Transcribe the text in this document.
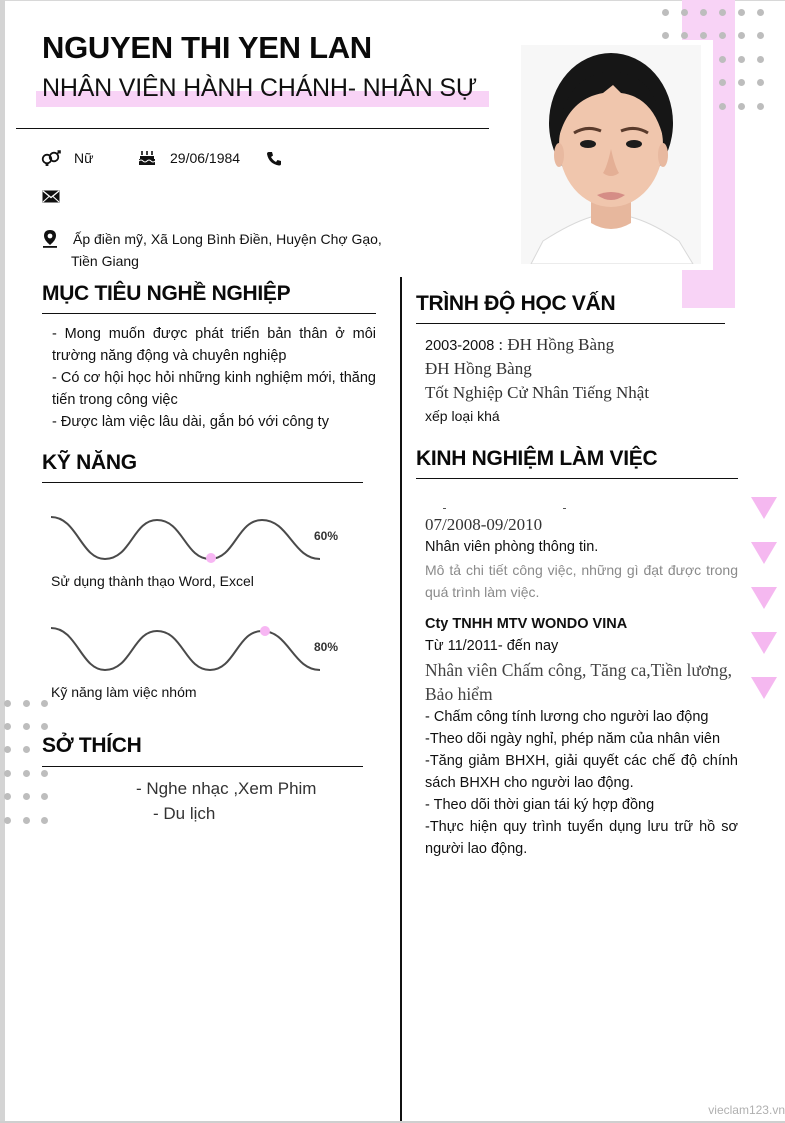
NGUYEN THI YEN LAN
NHÂN VIÊN HÀNH CHÁNH- NHÂN SỰ
Nữ	29/06/1984
Ấp điền mỹ, Xã Long Bình Điền, Huyện Chợ Gạo,
Tiền Giang
MỤC TIÊU NGHỀ NGHIỆP
- Mong muốn được phát triển bản thân ở môi trường năng động và chuyên nghiệp
- Có cơ hội học hỏi những kinh nghiệm mới, thăng tiến trong công việc
- Được làm việc lâu dài, gắn bó với công ty
KỸ NĂNG
60%
Sử dụng thành thạo Word, Excel
80%
Kỹ năng làm việc nhóm
SỞ THÍCH
- Nghe nhạc ,Xem Phim
- Du lịch
TRÌNH ĐỘ HỌC VẤN
2003-2008 : ĐH Hồng Bàng
ĐH Hồng Bàng
Tốt Nghiệp Cử Nhân Tiếng Nhật
xếp loại khá
KINH NGHIỆM LÀM VIỆC
07/2008-09/2010
Nhân viên phòng thông tin.
Mô tả chi tiết công việc, những gì đạt được trong quá trình làm việc.
Cty TNHH MTV WONDO VINA
Từ 11/2011- đến nay
Nhân viên Chấm công, Tăng ca,Tiền lương, Bảo hiểm
- Chấm công tính lương cho người lao động
-Theo dõi ngày nghỉ, phép năm của nhân viên
-Tăng giảm BHXH, giải quyết các chế độ chính sách BHXH cho người lao động.
- Theo dõi thời gian tái ký hợp đồng
-Thực hiện quy trình tuyển dụng lưu trữ hồ sơ người lao động.
vieclam123.vn
